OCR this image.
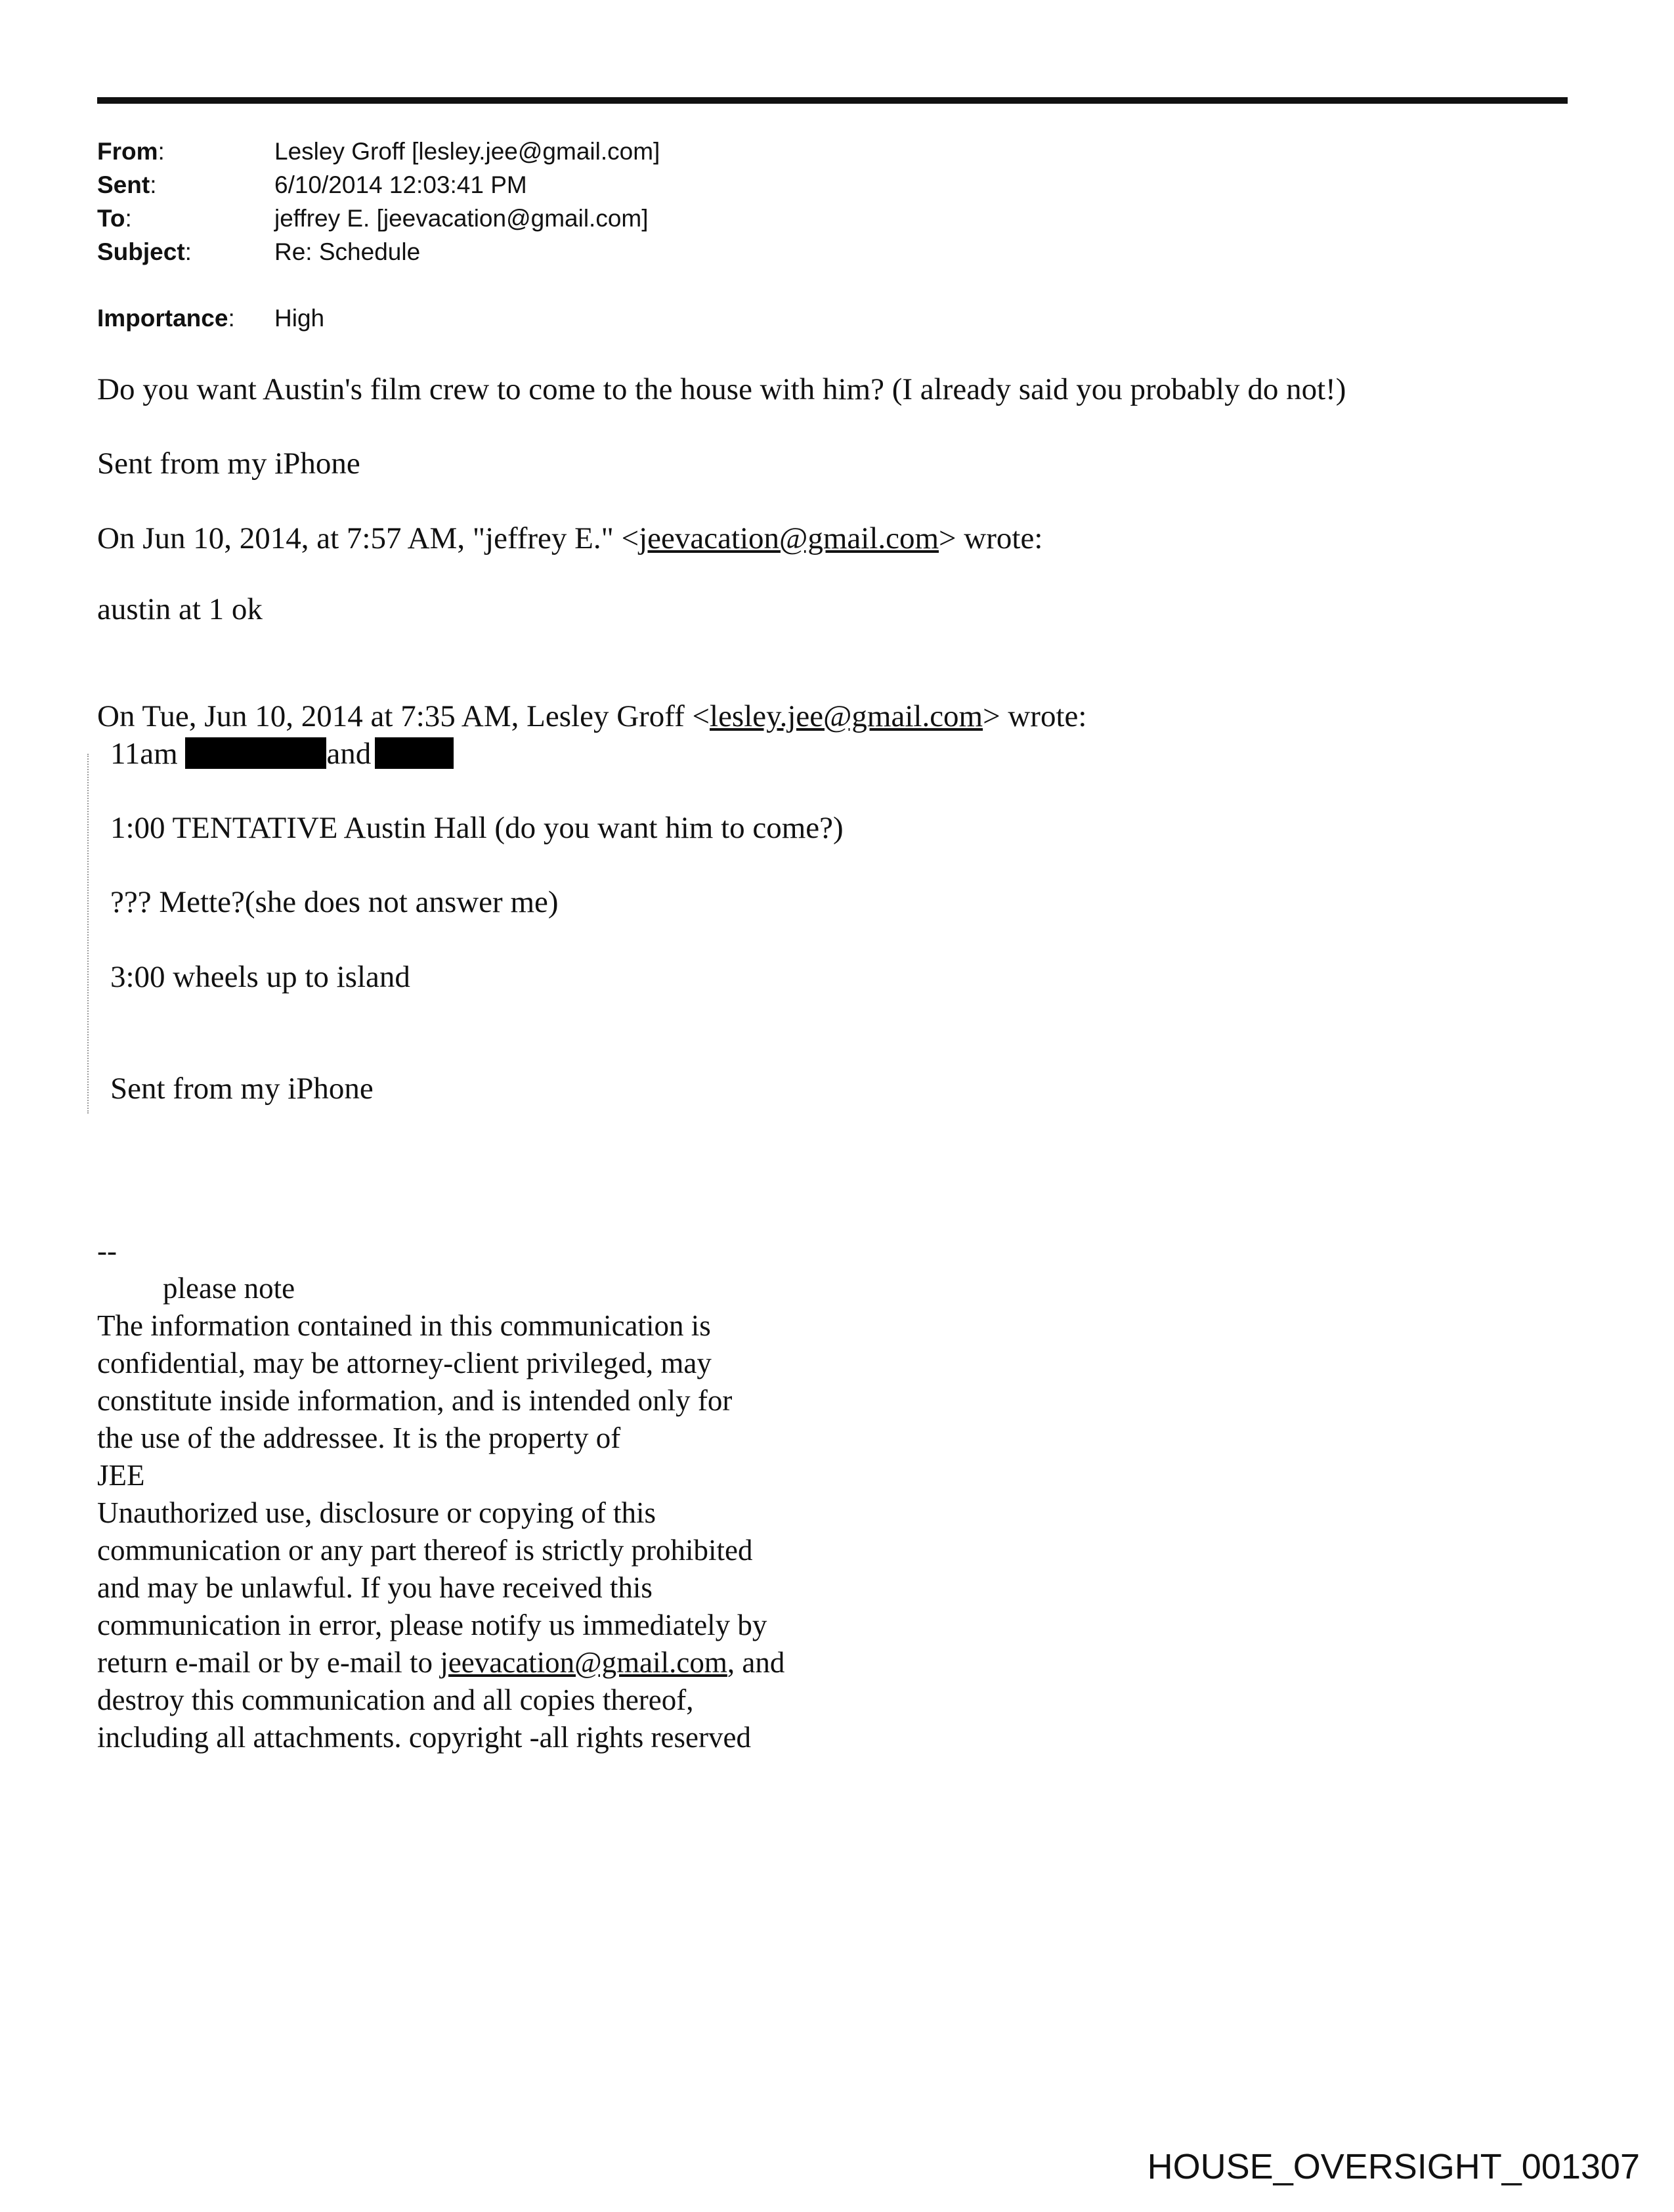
From:	Lesley Groff [lesley.jee@gmail.com]
Sent:	6/10/2014 12:03:41 PM
To:	jeffrey E. [jeevacation@gmail.com]
Subject:	Re: Schedule
Importance: High
Do you want Austin's film crew to come to the house with him? (I already said you probably do not!)
Sent from my iPhone
On Jun 10, 2014, at 7:57 AM, "jeffrey E." <jeevacation@gmail.com> wrote:
austin at 1 ok
On Tue, Jun 10, 2014 at 7:35 AM, Lesley Groff <lesley.jee@gmail.com> wrote:
11am	and
1:00 TENTATIVE Austin Hall (do you want him to come?)
??? Mette?(she does not answer me)
3:00 wheels up to island
Sent from my iPhone
--
please note
The information contained in this communication is
confidential, may be attorney-client privileged, may
constitute inside information, and is intended only for
the use of the addressee. It is the property of
JEE
Unauthorized use, disclosure or copying of this
communication or any part thereof is strictly prohibited
and may be unlawful. If you have received this
communication in error, please notify us immediately by
return e-mail or by e-mail to jeevacation@gmail.com, and
destroy this communication and all copies thereof,
including all attachments. copyright -all rights reserved
HOUSE_OVERSIGHT_001307
